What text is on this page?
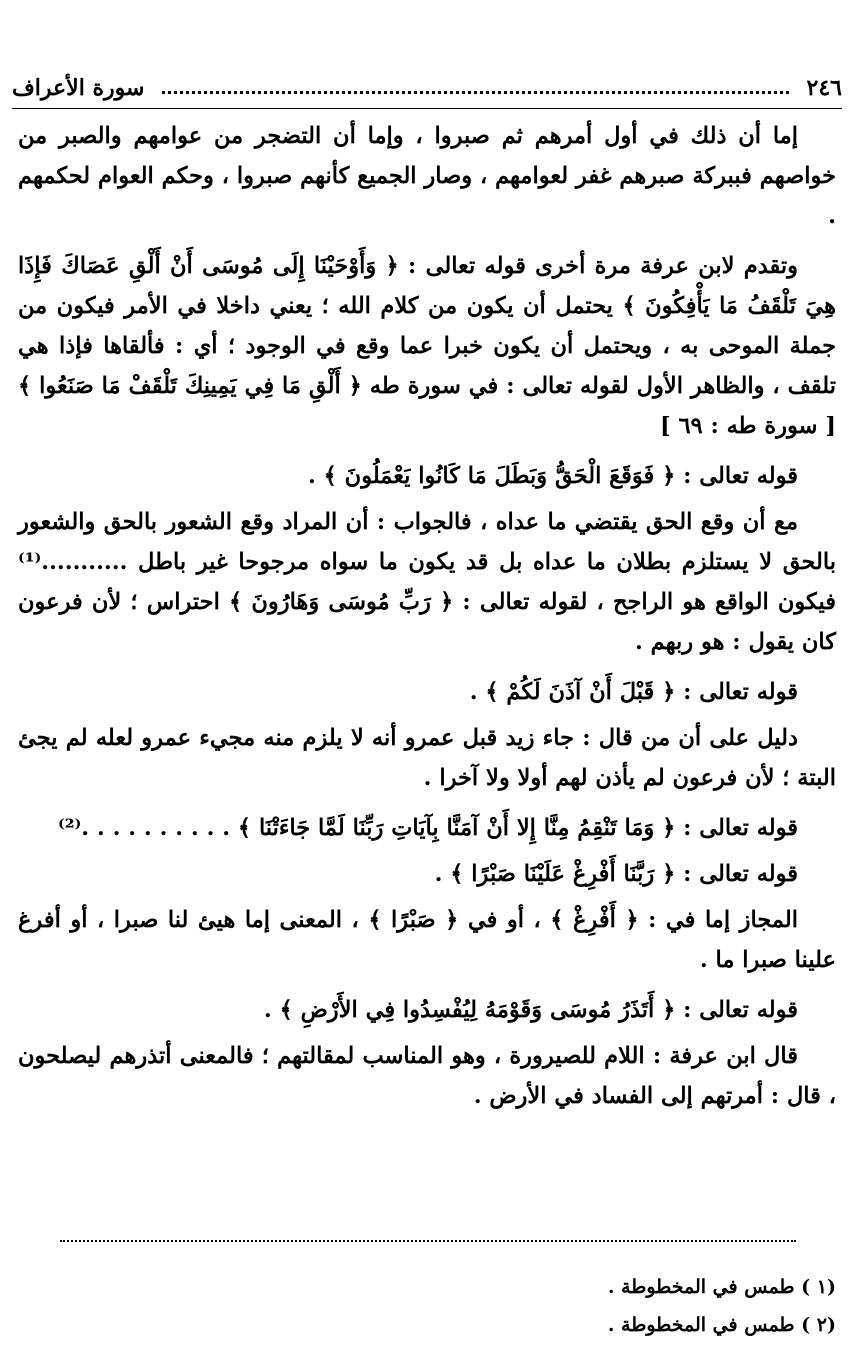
٢٤٦
سورة الأعراف

إما أن ذلك في أول أمرهم ثم صبروا ، وإما أن التضجر من عوامهم والصبر من خواصهم فببركة صبرهم غفر لعوامهم ، وصار الجميع كأنهم صبروا ، وحكم العوام لحكمهم .

وتقدم لابن عرفة مرة أخرى قوله تعالى : ﴿ وَأَوْحَيْنَا إِلَى مُوسَى أَنْ أَلْقِ عَصَاكَ فَإِذَا هِيَ تَلْقَفُ مَا يَأْفِكُونَ ﴾ يحتمل أن يكون من كلام الله ؛ يعني داخلا في الأمر فيكون من جملة الموحى به ، ويحتمل أن يكون خبرا عما وقع في الوجود ؛ أي : فألقاها فإذا هي تلقف ، والظاهر الأول لقوله تعالى : في سورة طه ﴿ أَلْقِ مَا فِي يَمِينِكَ تَلْقَفْ مَا صَنَعُوا ﴾ [ سورة طه : ٦٩ ]

قوله تعالى : ﴿ فَوَقَعَ الْحَقُّ وَبَطَلَ مَا كَانُوا يَعْمَلُونَ ﴾ .

مع أن وقع الحق يقتضي ما عداه ، فالجواب : أن المراد وقع الشعور بالحق والشعور بالحق لا يستلزم بطلان ما عداه بل قد يكون ما سواه مرجوحا غير باطل ...........⁽¹⁾ فيكون الواقع هو الراجح ، لقوله تعالى : ﴿ رَبِّ مُوسَى وَهَارُونَ ﴾ احتراس ؛ لأن فرعون كان يقول : هو ربهم .

قوله تعالى : ﴿ قَبْلَ أَنْ آذَنَ لَكُمْ ﴾ .

دليل على أن من قال : جاء زيد قبل عمرو أنه لا يلزم منه مجيء عمرو لعله لم يجئ البتة ؛ لأن فرعون لم يأذن لهم أولا ولا آخرا .

قوله تعالى : ﴿ وَمَا تَنْقِمُ مِنَّا إِلا أَنْ آمَنَّا بِآيَاتِ رَبِّنَا لَمَّا جَاءَتْنَا ﴾ . . . . . . . . . .⁽²⁾

قوله تعالى : ﴿ رَبَّنَا أَفْرِغْ عَلَيْنَا صَبْرًا ﴾ .

المجاز إما في : ﴿ أَفْرِغْ ﴾ ، أو في ﴿ صَبْرًا ﴾ ، المعنى إما هيئ لنا صبرا ، أو أفرغ علينا صبرا ما .

قوله تعالى : ﴿ أَتَذَرُ مُوسَى وَقَوْمَهُ لِيُفْسِدُوا فِي الأَرْضِ ﴾ .

قال ابن عرفة : اللام للصيرورة ، وهو المناسب لمقالتهم ؛ فالمعنى أتذرهم ليصلحون ، قال : أمرتهم إلى الفساد في الأرض .

(١ ) طمس في المخطوطة .
(٢ ) طمس في المخطوطة .
